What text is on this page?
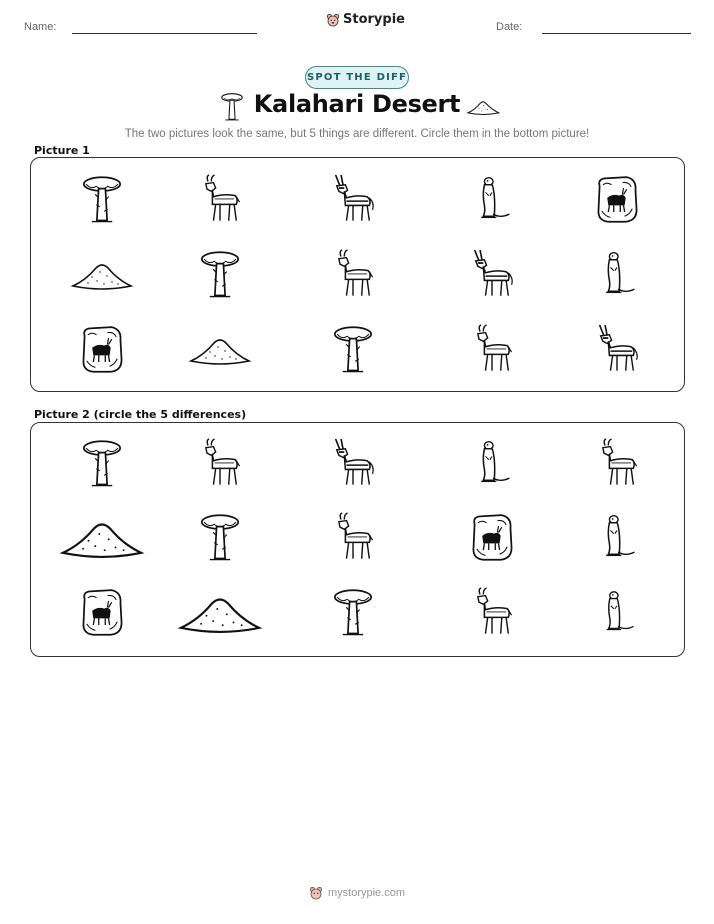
Name:	Storypie	Date:
SPOT THE DIFF
Kalahari Desert
The two pictures look the same, but 5 things are different. Circle them in the bottom picture!
Picture 1
Picture 2 (circle the 5 differences)
mystorypie.com
